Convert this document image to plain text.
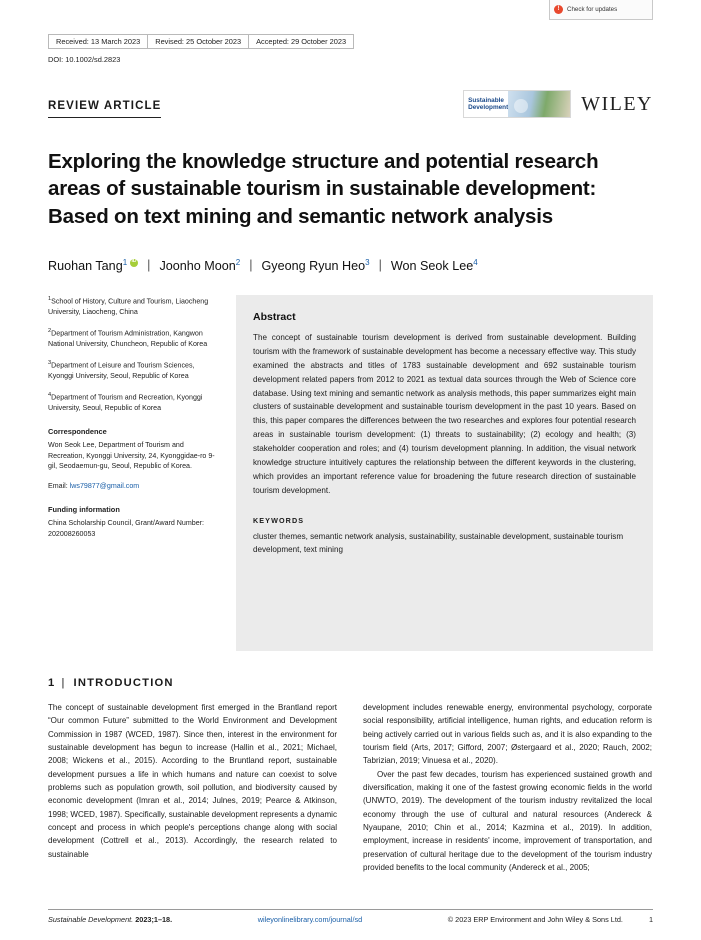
!	Check for updates
Received: 13 March 2023	Revised: 25 October 2023	Accepted: 29 October 2023
DOI: 10.1002/sd.2823
REVIEW ARTICLE	Sustainable
Development	WILEY
Exploring the knowledge structure and potential research areas of sustainable tourism in sustainable development: Based on text mining and semantic network analysis
Ruohan Tang$^1$ iD	| Joonho Moon$^2$ | Gyeong Ryun Heo$^3$ | Won Seok Lee$^4$

$^1$School of History, Culture and Tourism, Liaocheng University, Liaocheng, China

$^2$Department of Tourism Administration, Kangwon National University, Chuncheon, Republic of Korea

$^3$Department of Leisure and Tourism Sciences, Kyonggi University, Seoul, Republic of Korea

$^4$Department of Tourism and Recreation, Kyonggi University, Seoul, Republic of Korea

Correspondence

Won Seok Lee, Department of Tourism and Recreation, Kyonggi University, 24, Kyonggidae-ro 9-gil, Seodaemun-gu, Seoul, Republic of Korea.

Email: lws79877@gmail.com

Funding information

China Scholarship Council, Grant/Award Number: 202008260053

Abstract

The concept of sustainable tourism development is derived from sustainable development. Building tourism with the framework of sustainable development has become a necessary effective way. This study examined the abstracts and titles of 1783 sustainable development and 692 sustainable tourism development related papers from 2012 to 2021 as textual data sources through the Web of Science core database. Using text mining and semantic network as analysis methods, this paper summarizes eight main clusters of sustainable development and sustainable tourism development in the past 10 years. Based on this, this paper compares the differences between the two researches and explores four potential research areas in sustainable tourism development: (1) threats to sustainability; (2) ecology and health; (3) stakeholder cooperation and roles; and (4) tourism development planning. In addition, the visual network knowledge structure intuitively captures the relationship between the different keywords in the clustering, which provides an important reference value for broadening the future research direction of sustainable tourism development.

KEYWORDS
cluster themes, semantic network analysis, sustainability, sustainable development, sustainable tourism development, text mining
1 | INTRODUCTION

The concept of sustainable development first emerged in the Brantland report “Our common Future” submitted to the World Environment and Development Commission in 1987 (WCED, 1987). Since then, interest in the environment for sustainable development has begun to increase (Hallin et al., 2021; Michael, 2008; Wickens et al., 2015). According to the Bruntland report, sustainable development pursues a life in which humans and nature can coexist to solve problems such as population growth, soil pollution, and biodiversity caused by economic development (Imran et al., 2014; Julnes, 2019; Pearce & Atkinson, 1998; WCED, 1987). Specifically, sustainable development represents a dynamic concept and process in which people's perceptions change along with social development (Cottrell et al., 2013). Accordingly, the research related to sustainable

development includes renewable energy, environmental psychology, corporate social responsibility, artificial intelligence, human rights, and education reform is being actively carried out in various fields such as, and it is also expanding to the tourism field (Arts, 2017; Gifford, 2007; Østergaard et al., 2020; Rauch, 2002; Tabrizian, 2019; Vinuesa et al., 2020).

Over the past few decades, tourism has experienced sustained growth and diversification, making it one of the fastest growing economic fields in the world (UNWTO, 2019). The development of the tourism industry revitalized the local economy through the use of cultural and natural resources (Andereck & Nyaupane, 2010; Chin et al., 2014; Kazmina et al., 2019). In addition, employment, increase in residents' income, improvement of transportation, and preservation of cultural heritage due to the development of the tourism industry provided benefits to the local community (Andereck et al., 2005;

Sustainable Development. 2023;1–18.	wileyonlinelibrary.com/journal/sd	© 2023 ERP Environment and John Wiley & Sons Ltd.	1
